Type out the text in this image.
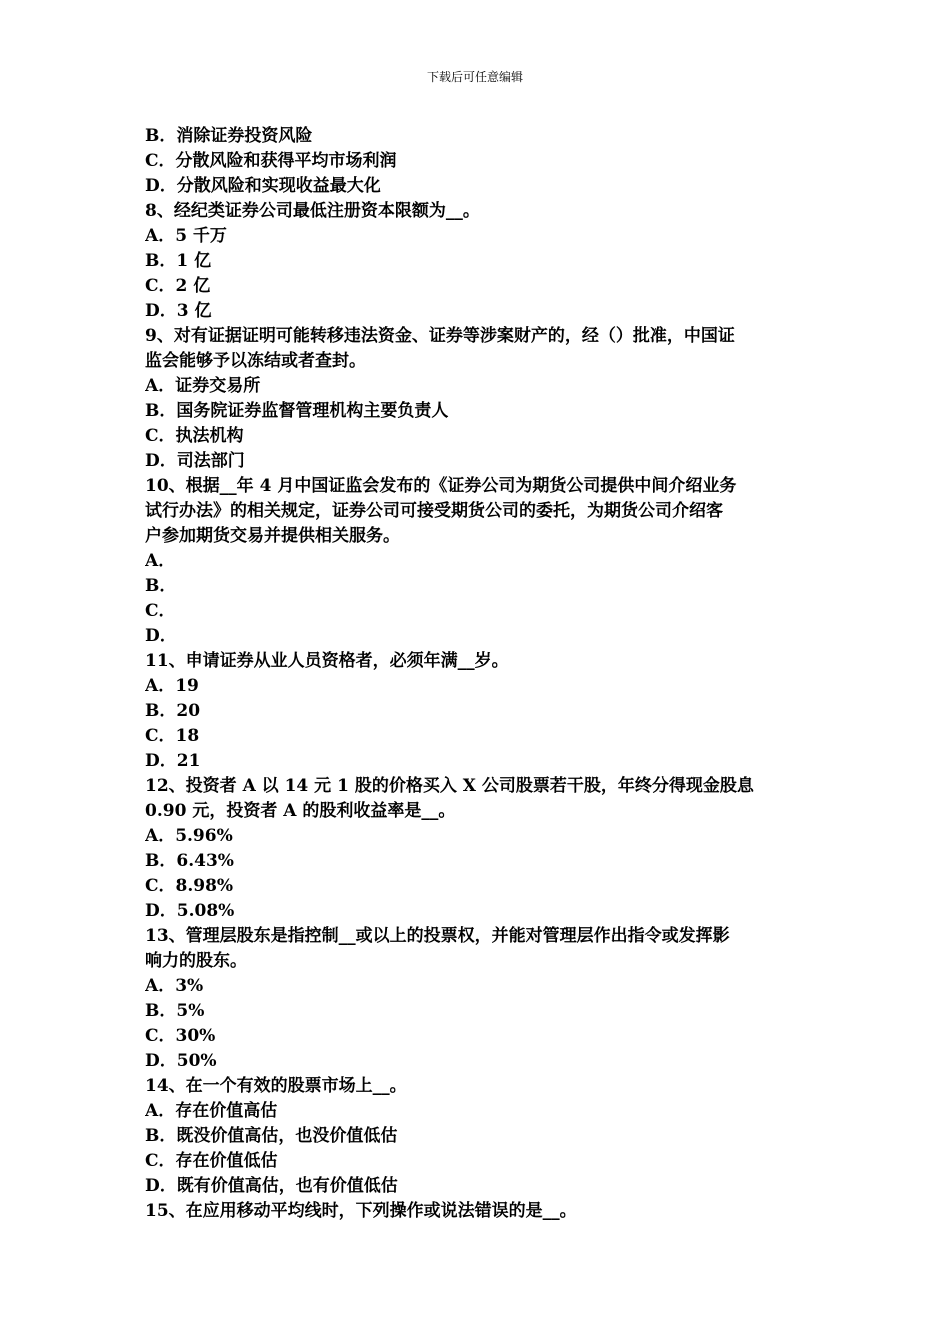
下载后可任意编辑
B．消除证券投资风险
C．分散风险和获得平均市场利润
D．分散风险和实现收益最大化
8、经纪类证券公司最低注册资本限额为__。
A．5 千万
B．1 亿
C．2 亿
D．3 亿
9、对有证据证明可能转移违法资金、证券等涉案财产的，经（）批准，中国证
监会能够予以冻结或者查封。
A．证券交易所
B．国务院证券监督管理机构主要负责人
C．执法机构
D．司法部门
10、根据__年 4 月中国证监会发布的《证券公司为期货公司提供中间介绍业务
试行办法》的相关规定，证券公司可接受期货公司的委托，为期货公司介绍客
户参加期货交易并提供相关服务。
A．
B．
C．
D．
11、申请证券从业人员资格者，必须年满__岁。
A．19
B．20
C．18
D．21
12、投资者 A 以 14 元 1 股的价格买入 X 公司股票若干股，年终分得现金股息
0.90 元，投资者 A 的股利收益率是__。
A．5.96%
B．6.43%
C．8.98%
D．5.08%
13、管理层股东是指控制__或以上的投票权，并能对管理层作出指令或发挥影
响力的股东。
A．3%
B．5%
C．30%
D．50%
14、在一个有效的股票市场上__。
A．存在价值高估
B．既没价值高估，也没价值低估
C．存在价值低估
D．既有价值高估，也有价值低估
15、在应用移动平均线时，下列操作或说法错误的是__。
